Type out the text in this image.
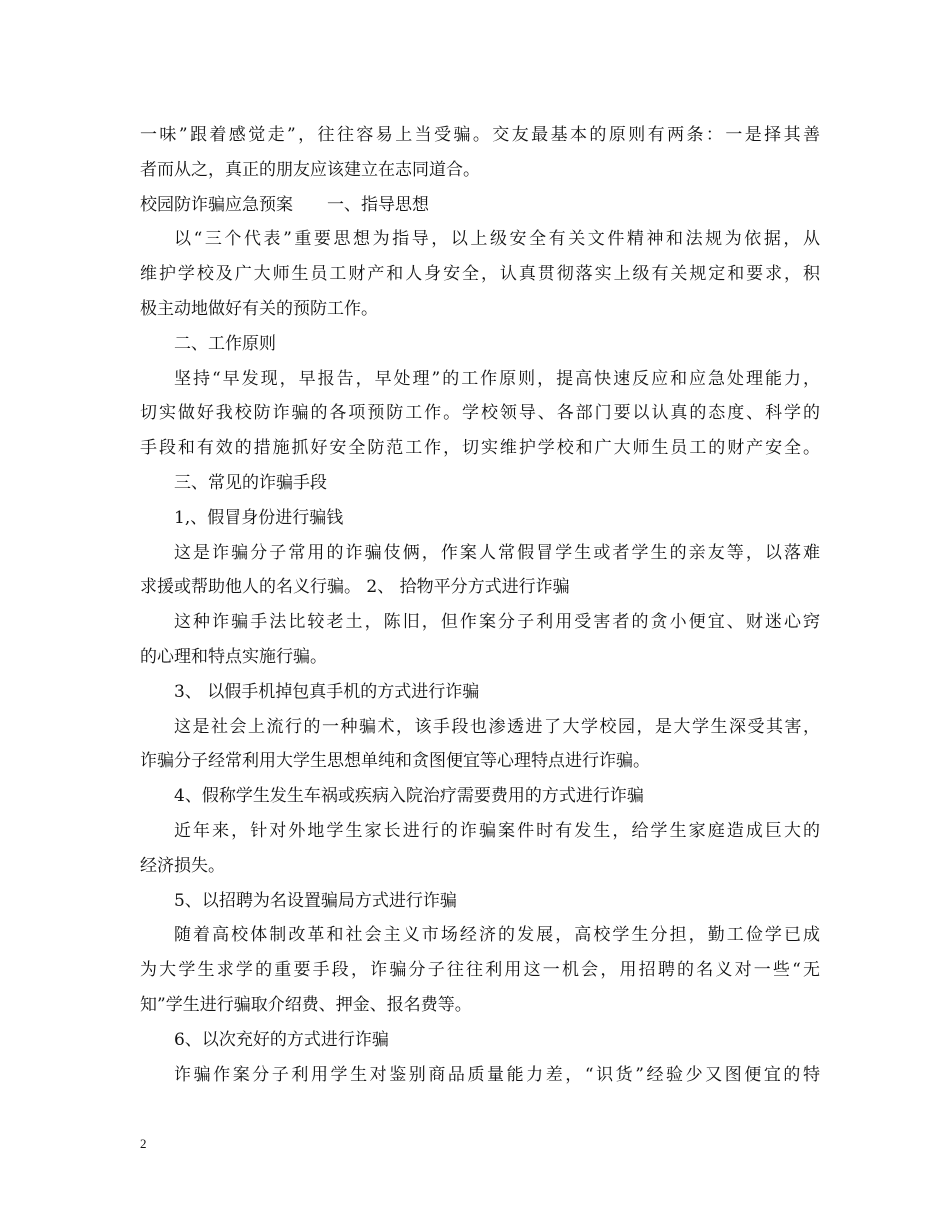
一味”跟着感觉走”，往往容易上当受骗。交友最基本的原则有两条：一是择其善
者而从之，真正的朋友应该建立在志同道合。
校园防诈骗应急预案　　一、指导思想
以“三个代表”重要思想为指导，以上级安全有关文件精神和法规为依据，从
维护学校及广大师生员工财产和人身安全，认真贯彻落实上级有关规定和要求，积
极主动地做好有关的预防工作。
二、工作原则
坚持“早发现，早报告，早处理”的工作原则，提高快速反应和应急处理能力，
切实做好我校防诈骗的各项预防工作。学校领导、各部门要以认真的态度、科学的
手段和有效的措施抓好安全防范工作，切实维护学校和广大师生员工的财产安全。
三、常见的诈骗手段
1,、假冒身份进行骗钱
这是诈骗分子常用的诈骗伎俩，作案人常假冒学生或者学生的亲友等，以落难
求援或帮助他人的名义行骗。 2、 拾物平分方式进行诈骗
这种诈骗手法比较老土，陈旧，但作案分子利用受害者的贪小便宜、财迷心窍
的心理和特点实施行骗。
3、 以假手机掉包真手机的方式进行诈骗
这是社会上流行的一种骗术，该手段也渗透进了大学校园，是大学生深受其害，
诈骗分子经常利用大学生思想单纯和贪图便宜等心理特点进行诈骗。
4、假称学生发生车祸或疾病入院治疗需要费用的方式进行诈骗
近年来，针对外地学生家长进行的诈骗案件时有发生，给学生家庭造成巨大的
经济损失。
5、以招聘为名设置骗局方式进行诈骗
随着高校体制改革和社会主义市场经济的发展，高校学生分担，勤工俭学已成
为大学生求学的重要手段，诈骗分子往往利用这一机会，用招聘的名义对一些“无
知”学生进行骗取介绍费、押金、报名费等。
6、以次充好的方式进行诈骗
诈骗作案分子利用学生对鉴别商品质量能力差，“识货”经验少又图便宜的特
2
